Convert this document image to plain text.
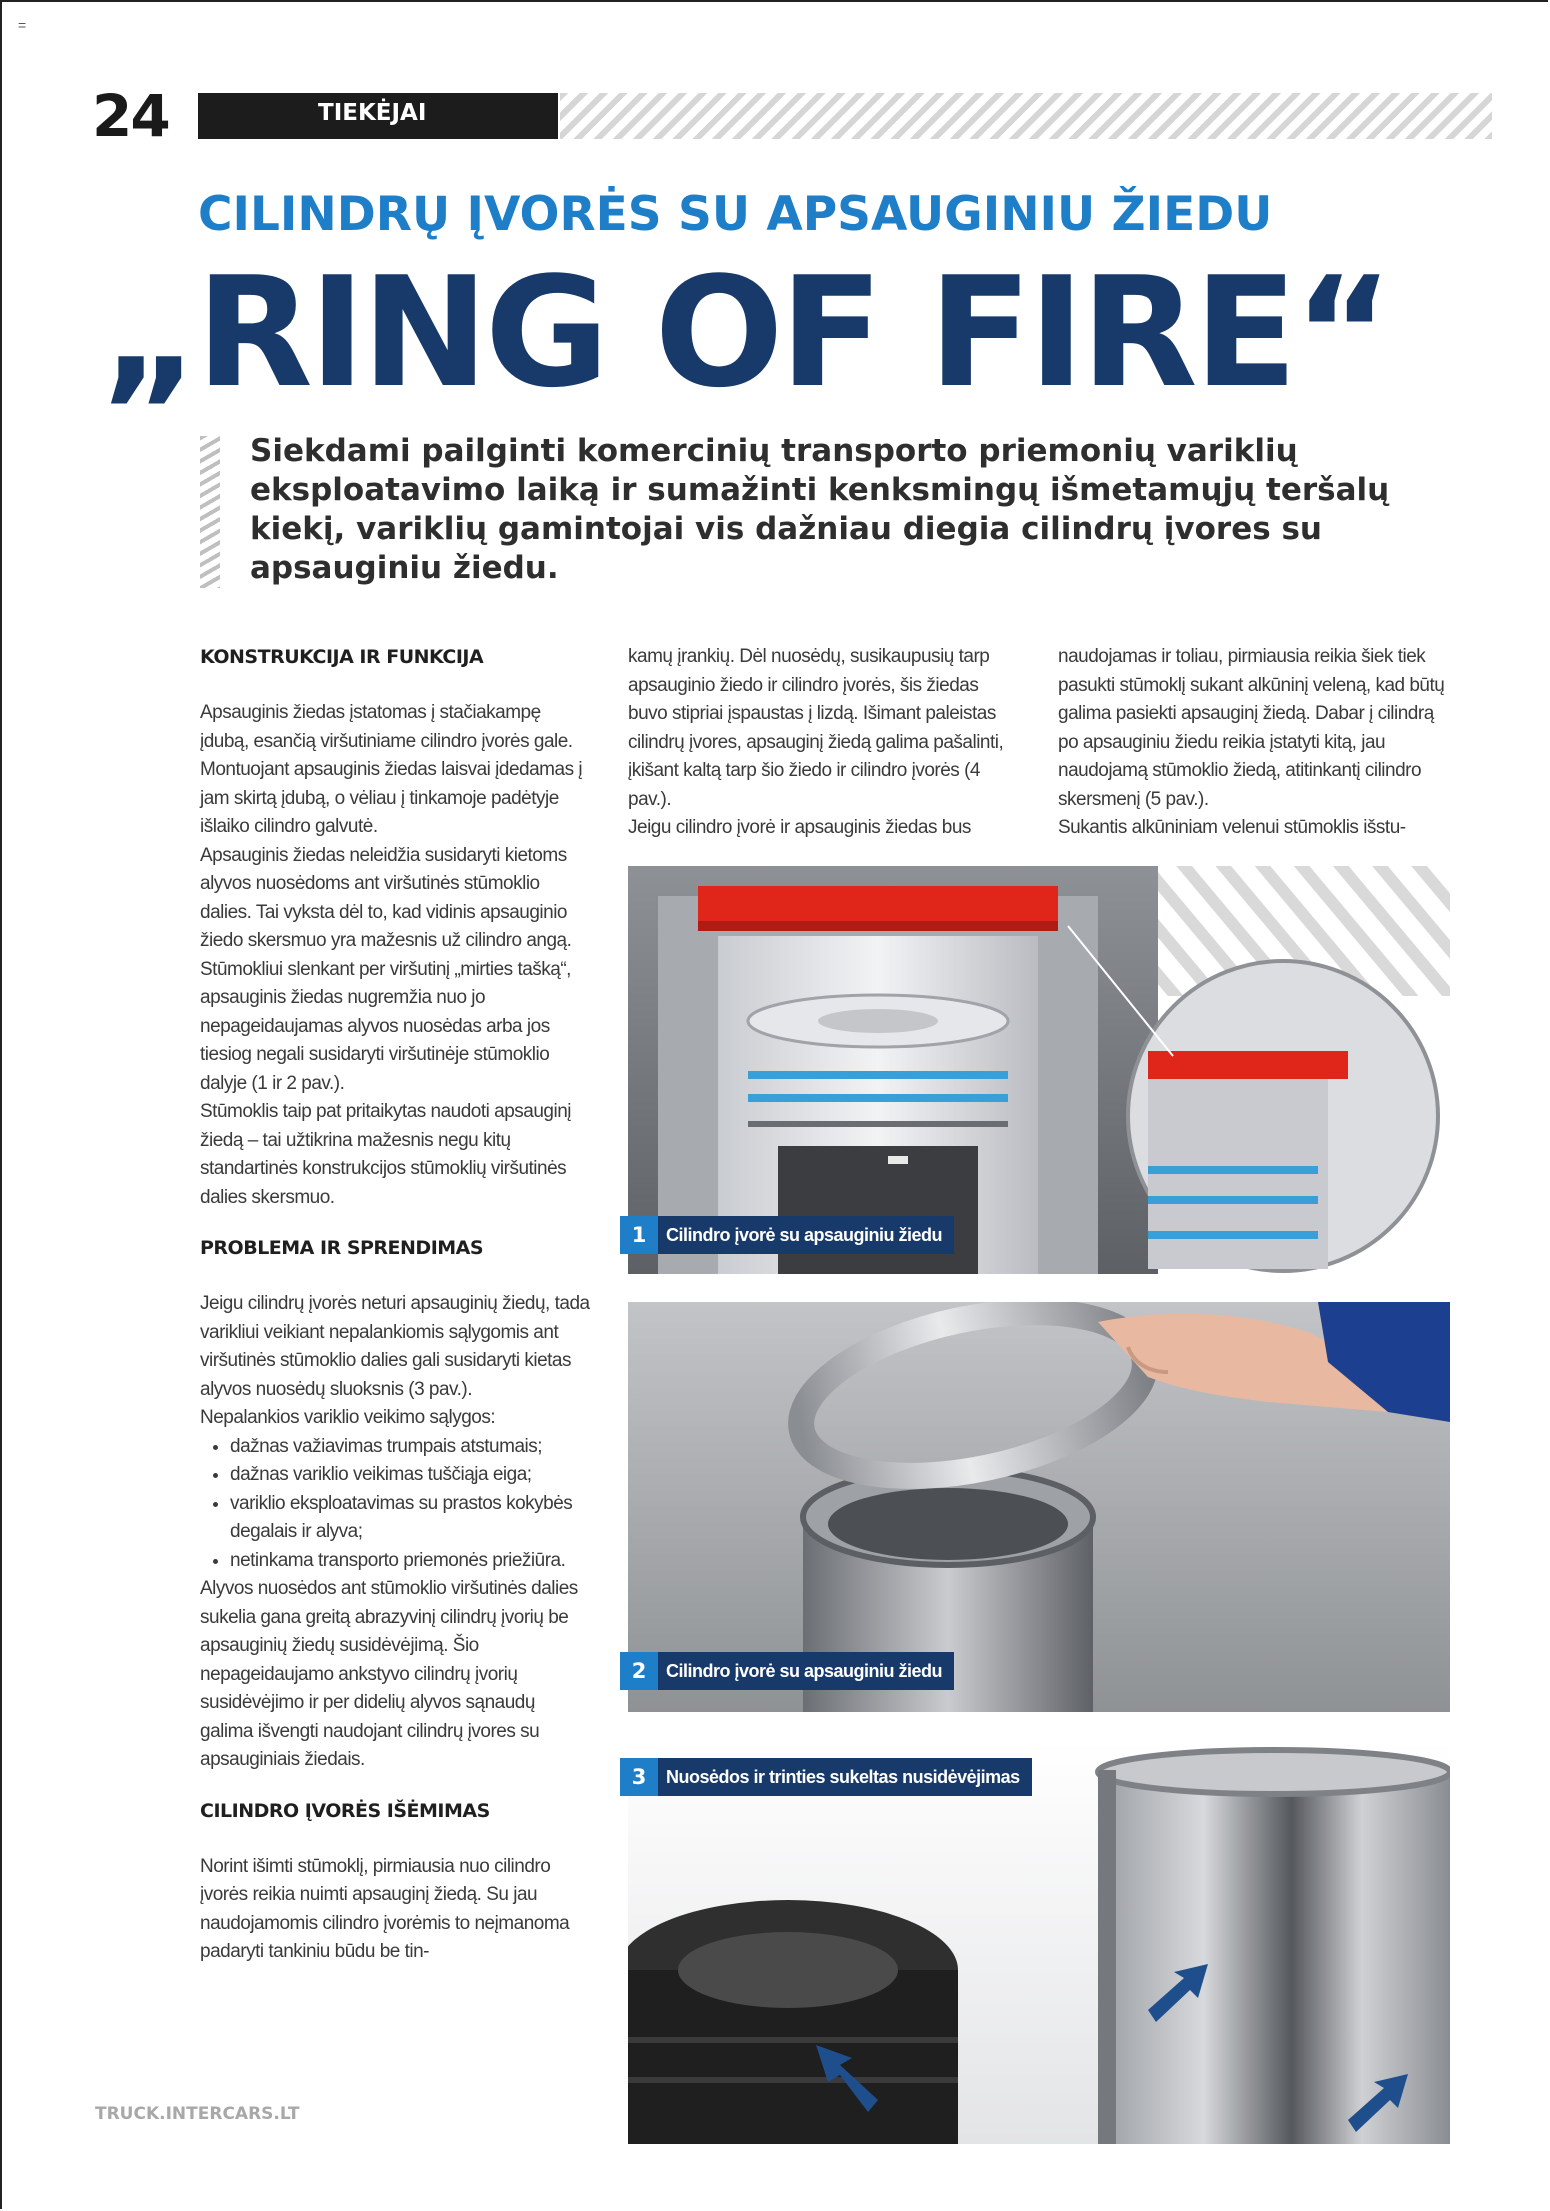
=
24	TIEKĖJAI
CILINDRŲ ĮVORĖS SU APSAUGINIU ŽIEDU
„RING OF FIRE“
Siekdami pailginti komercinių transporto priemonių variklių eksploatavimo laiką ir sumažinti kenksmingų išmetamųjų teršalų kiekį, variklių gamintojai vis dažniau diegia cilindrų įvores su apsauginiu žiedu.
KONSTRUKCIJA IR FUNKCIJA

Apsauginis žiedas įstatomas į stačiakampę įdubą, esančią viršutiniame cilindro įvorės gale. Montuojant apsauginis žiedas laisvai įdedamas į jam skirtą įdubą, o vėliau į tinkamoje padėtyje išlaiko cilindro galvutė.

Apsauginis žiedas neleidžia susidaryti kietoms alyvos nuosėdoms ant viršutinės stūmoklio dalies. Tai vyksta dėl to, kad vidinis apsauginio žiedo skersmuo yra mažesnis už cilindro angą. Stūmokliui slenkant per viršutinį „mirties tašką“, apsauginis žiedas nugremžia nuo jo nepageidaujamas alyvos nuosėdas arba jos tiesiog negali susidaryti viršutinėje stūmoklio dalyje (1 ir 2 pav.).

Stūmoklis taip pat pritaikytas naudoti apsauginį žiedą – tai užtikrina mažesnis negu kitų standartinės konstrukcijos stūmoklių viršutinės dalies skersmuo.

PROBLEMA IR SPRENDIMAS

Jeigu cilindrų įvorės neturi apsauginių žiedų, tada varikliui veikiant nepalankiomis sąlygomis ant viršutinės stūmoklio dalies gali susidaryti kietas alyvos nuosėdų sluoksnis (3 pav.).

Nepalankios variklio veikimo sąlygos:

• dažnas važiavimas trumpais atstumais;
• dažnas variklio veikimas tuščiąja eiga;
• variklio eksploatavimas su prastos kokybės degalais ir alyva;
• netinkama transporto priemonės priežiūra.

Alyvos nuosėdos ant stūmoklio viršutinės dalies sukelia gana greitą abrazyvinį cilindrų įvorių be apsauginių žiedų susidėvėjimą. Šio nepageidaujamo ankstyvo cilindrų įvorių susidėvėjimo ir per didelių alyvos sąnaudų galima išvengti naudojant cilindrų įvores su apsauginiais žiedais.

CILINDRO ĮVORĖS IŠĖMIMAS

Norint išimti stūmoklį, pirmiausia nuo cilindro įvorės reikia nuimti apsauginį žiedą. Su jau naudojamomis cilindro įvorėmis to neįmanoma padaryti tankiniu būdu be tin-

kamų įrankių. Dėl nuosėdų, susikaupusių tarp apsauginio žiedo ir cilindro įvorės, šis žiedas buvo stipriai įspaustas į lizdą. Išimant paleistas cilindrų įvores, apsauginį žiedą galima pašalinti, įkišant kaltą tarp šio žiedo ir cilindro įvorės (4 pav.).

Jeigu cilindro įvorė ir apsauginis žiedas bus

naudojamas ir toliau, pirmiausia reikia šiek tiek pasukti stūmoklį sukant alkūninį veleną, kad būtų galima pasiekti apsauginį žiedą. Dabar į cilindrą po apsauginiu žiedu reikia įstatyti kitą, jau naudojamą stūmoklio žiedą, atitinkantį cilindro skersmenį (5 pav.).

Sukantis alkūniniam velenui stūmoklis išstu-

1	Cilindro įvorė su apsauginiu žiedu
2	Cilindro įvorė su apsauginiu žiedu
3	Nuosėdos ir trinties sukeltas nusidėvėjimas
TRUCK.INTERCARS.LT
